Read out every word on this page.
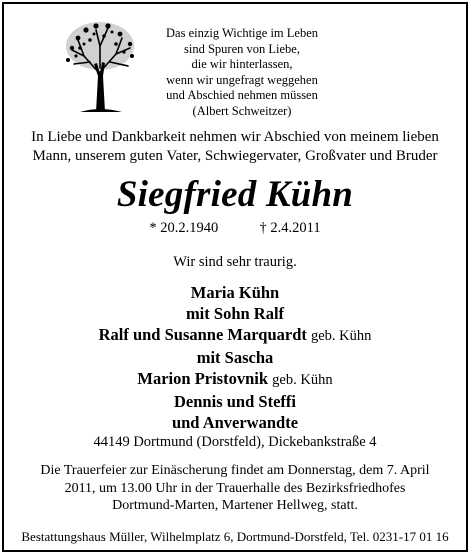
Das einzig Wichtige im Leben
sind Spuren von Liebe,
die wir hinterlassen,
wenn wir ungefragt weggehen
und Abschied nehmen müssen
(Albert Schweitzer)
In Liebe und Dankbarkeit nehmen wir Abschied von meinem lieben
Mann, unserem guten Vater, Schwiegervater, Großvater und Bruder
Siegfried Kühn
* 20.2.1940	† 2.4.2011
Wir sind sehr traurig.
Maria Kühn
mit Sohn Ralf
Ralf und Susanne Marquardt geb. Kühn
mit Sascha
Marion Pristovnik geb. Kühn
Dennis und Steffi
und Anverwandte
44149 Dortmund (Dorstfeld), Dickebankstraße 4
Die Trauerfeier zur Einäscherung findet am Donnerstag, dem 7. April
2011, um 13.00 Uhr in der Trauerhalle des Bezirksfriedhofes
Dortmund-Marten, Martener Hellweg, statt.
Bestattungshaus Müller, Wilhelmplatz 6, Dortmund-Dorstfeld, Tel. 0231-17 01 16
